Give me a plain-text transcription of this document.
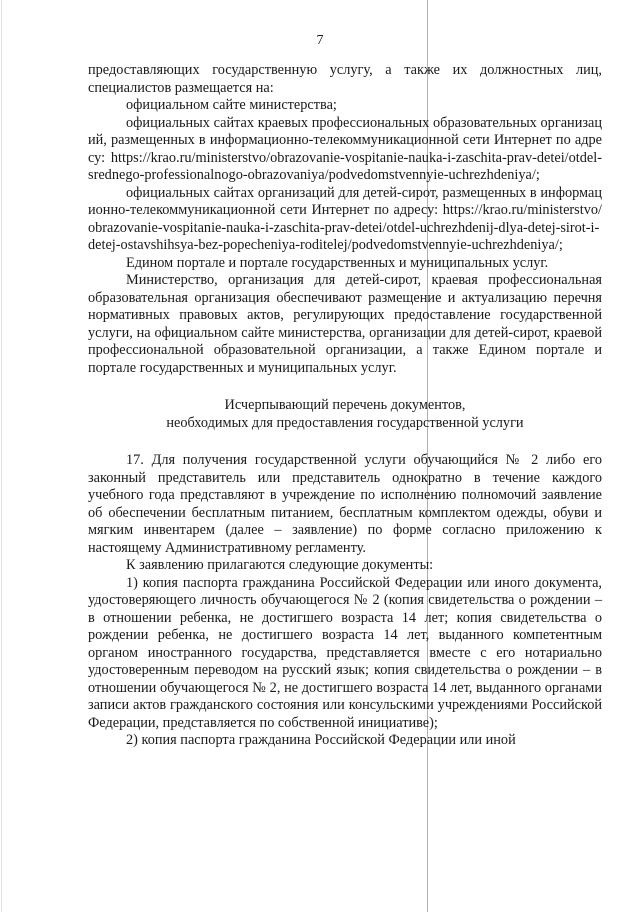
7

предоставляющих государственную услугу, а также их должностных лиц, специалистов размещается на:

официальном сайте министерства;

официальных сайтах краевых профессиональных образовательных организаций, размещенных в информационно-телекоммуникационной сети Интернет по адресу: https://krao.ru/ministerstvo/obrazovanie-vospitanie-nauka-i-zaschita-prav-detei/otdel-srednego-professionalnogo-obrazovaniya/podvedomstvennyie-uchrezhdeniya/;

официальных сайтах организаций для детей-сирот, размещенных в информационно-телекоммуникационной сети Интернет по адресу: https://krao.ru/ministerstvo/obrazovanie-vospitanie-nauka-i-zaschita-prav-detei/otdel-uchrezhdenij-dlya-detej-sirot-i-detej-ostavshihsya-bez-popecheniya-roditelej/podvedomstvennyie-uchrezhdeniya/;

Едином портале и портале государственных и муниципальных услуг.

Министерство, организация для детей-сирот, краевая профессиональная образовательная организация обеспечивают размещение и актуализацию перечня нормативных правовых актов, регулирующих предоставление государственной услуги, на официальном сайте министерства, организации для детей-сирот, краевой профессиональной образовательной организации, а также Едином портале и портале государственных и муниципальных услуг.

Исчерпывающий перечень документов,
необходимых для предоставления государственной услуги

17. Для получения государственной услуги обучающийся № 2 либо его законный представитель или представитель однократно в течение каждого учебного года представляют в учреждение по исполнению полномочий заявление об обеспечении бесплатным питанием, бесплатным комплектом одежды, обуви и мягким инвентарем (далее – заявление) по форме согласно приложению к настоящему Административному регламенту.

К заявлению прилагаются следующие документы:

1) копия паспорта гражданина Российской Федерации или иного документа, удостоверяющего личность обучающегося № 2 (копия свидетельства о рождении – в отношении ребенка, не достигшего возраста 14 лет; копия свидетельства о рождении ребенка, не достигшего возраста 14 лет, выданного компетентным органом иностранного государства, представляется вместе с его нотариально удостоверенным переводом на русский язык; копия свидетельства о рождении – в отношении обучающегося № 2, не достигшего возраста 14 лет, выданного органами записи актов гражданского состояния или консульскими учреждениями Российской Федерации, представляется по собственной инициативе);

2) копия паспорта гражданина Российской Федерации или иной
